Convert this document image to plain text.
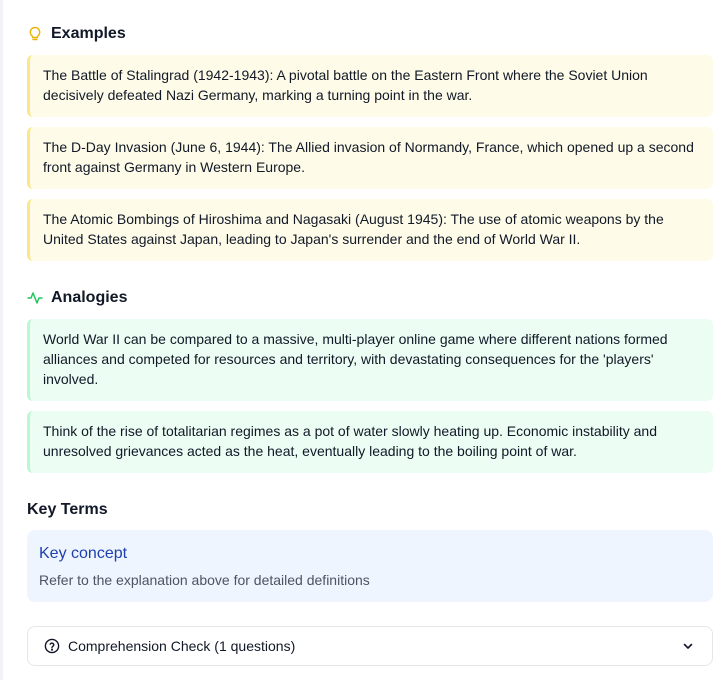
Examples
The Battle of Stalingrad (1942-1943): A pivotal battle on the Eastern Front where the Soviet Union decisively defeated Nazi Germany, marking a turning point in the war.
The D-Day Invasion (June 6, 1944): The Allied invasion of Normandy, France, which opened up a second front against Germany in Western Europe.
The Atomic Bombings of Hiroshima and Nagasaki (August 1945): The use of atomic weapons by the United States against Japan, leading to Japan's surrender and the end of World War II.
Analogies
World War II can be compared to a massive, multi-player online game where different nations formed alliances and competed for resources and territory, with devastating consequences for the 'players' involved.
Think of the rise of totalitarian regimes as a pot of water slowly heating up. Economic instability and unresolved grievances acted as the heat, eventually leading to the boiling point of war.
Key Terms
Key concept
Refer to the explanation above for detailed definitions
Comprehension Check (1 questions)
